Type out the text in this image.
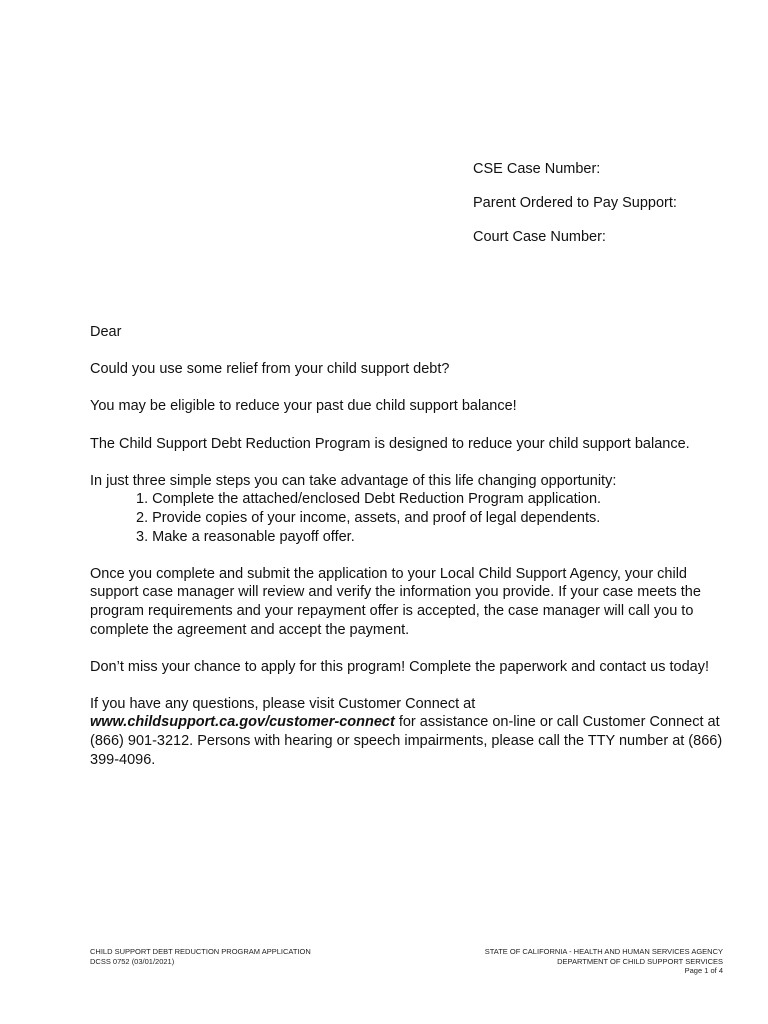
CSE Case Number:
Parent Ordered to Pay Support:
Court Case Number:

Dear

Could you use some relief from your child support debt?

You may be eligible to reduce your past due child support balance!

The Child Support Debt Reduction Program is designed to reduce your child support balance.

In just three simple steps you can take advantage of this life changing opportunity:

1. Complete the attached/enclosed Debt Reduction Program application.
2. Provide copies of your income, assets, and proof of legal dependents.
3. Make a reasonable payoff offer.

Once you complete and submit the application to your Local Child Support Agency, your child support case manager will review and verify the information you provide. If your case meets the program requirements and your repayment offer is accepted, the case manager will call you to complete the agreement and accept the payment.

Don’t miss your chance to apply for this program! Complete the paperwork and contact us today!

If you have any questions, please visit Customer Connect at
www.childsupport.ca.gov/customer-connect for assistance on-line or call Customer Connect at (866) 901-3212. Persons with hearing or speech impairments, please call the TTY number at (866) 399-4096.

CHILD SUPPORT DEBT REDUCTION PROGRAM APPLICATION
DCSS 0752 (03/01/2021)
STATE OF CALIFORNIA - HEALTH AND HUMAN SERVICES AGENCY
DEPARTMENT OF CHILD SUPPORT SERVICES
Page 1 of 4
